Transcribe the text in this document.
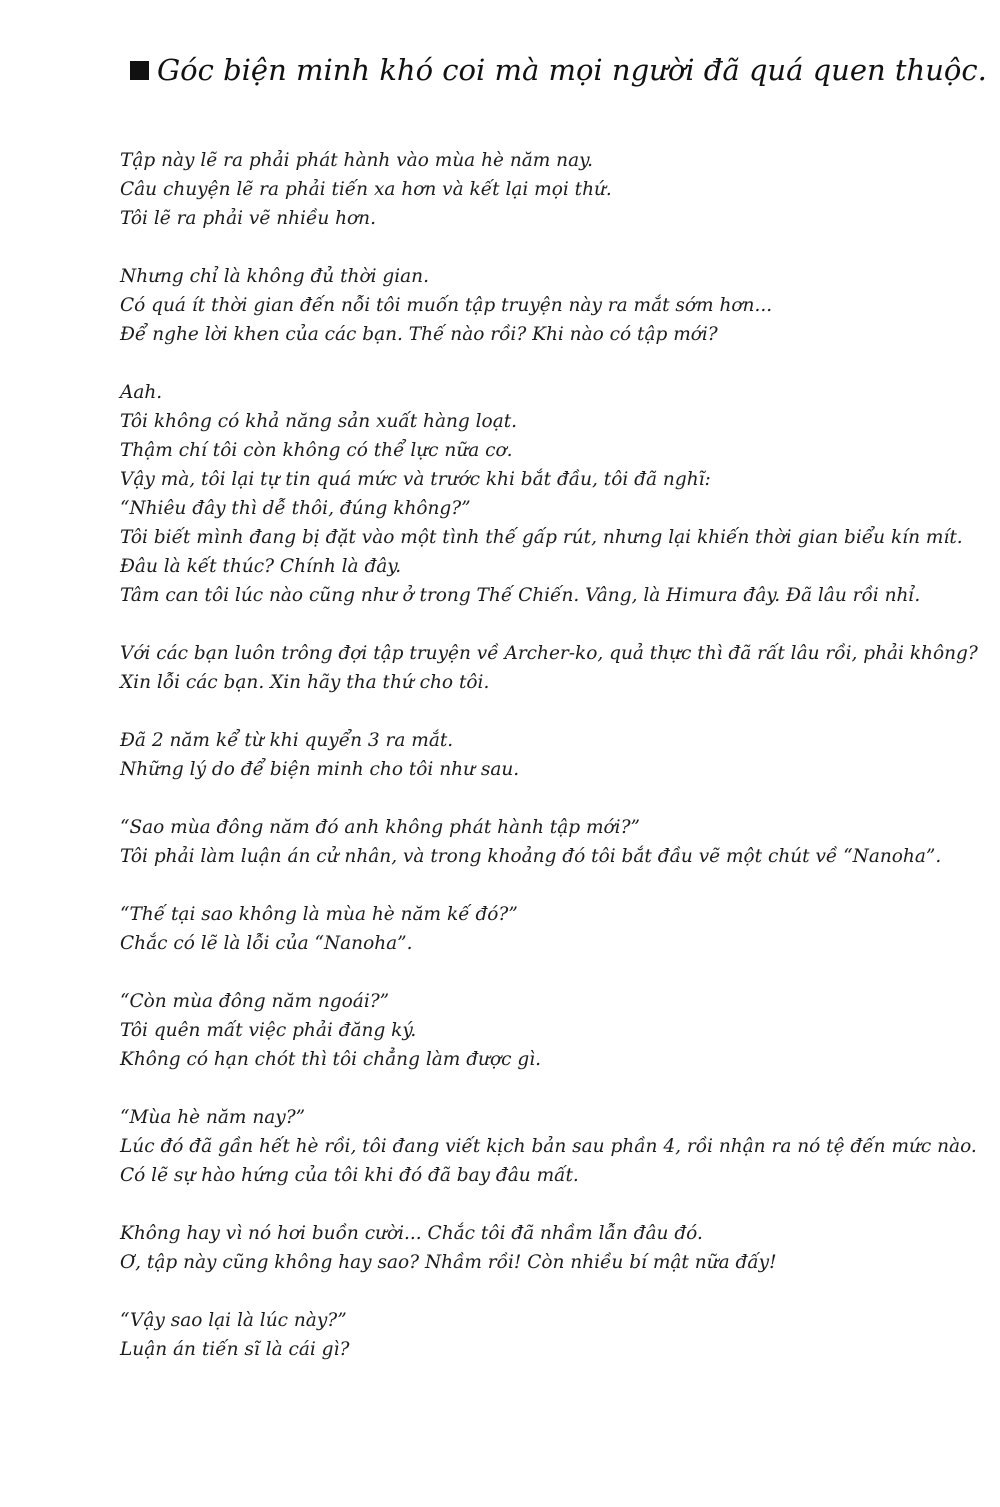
Góc biện minh khó coi mà mọi người đã quá quen thuộc.
Tập này lẽ ra phải phát hành vào mùa hè năm nay.
Câu chuyện lẽ ra phải tiến xa hơn và kết lại mọi thứ.
Tôi lẽ ra phải vẽ nhiều hơn.
Nhưng chỉ là không đủ thời gian.
Có quá ít thời gian đến nỗi tôi muốn tập truyện này ra mắt sớm hơn...
Để nghe lời khen của các bạn. Thế nào rồi? Khi nào có tập mới?
Aah.
Tôi không có khả năng sản xuất hàng loạt.
Thậm chí tôi còn không có thể lực nữa cơ.
Vậy mà, tôi lại tự tin quá mức và trước khi bắt đầu, tôi đã nghĩ:
“Nhiêu đây thì dễ thôi, đúng không?”
Tôi biết mình đang bị đặt vào một tình thế gấp rút, nhưng lại khiến thời gian biểu kín mít.
Đâu là kết thúc? Chính là đây.
Tâm can tôi lúc nào cũng như ở trong Thế Chiến. Vâng, là Himura đây. Đã lâu rồi nhỉ.
Với các bạn luôn trông đợi tập truyện về Archer-ko, quả thực thì đã rất lâu rồi, phải không?
Xin lỗi các bạn. Xin hãy tha thứ cho tôi.
Đã 2 năm kể từ khi quyển 3 ra mắt.
Những lý do để biện minh cho tôi như sau.
“Sao mùa đông năm đó anh không phát hành tập mới?”
Tôi phải làm luận án cử nhân, và trong khoảng đó tôi bắt đầu vẽ một chút về “Nanoha”.
“Thế tại sao không là mùa hè năm kế đó?”
Chắc có lẽ là lỗi của “Nanoha”.
“Còn mùa đông năm ngoái?”
Tôi quên mất việc phải đăng ký.
Không có hạn chót thì tôi chẳng làm được gì.
“Mùa hè năm nay?”
Lúc đó đã gần hết hè rồi, tôi đang viết kịch bản sau phần 4, rồi nhận ra nó tệ đến mức nào.
Có lẽ sự hào hứng của tôi khi đó đã bay đâu mất.
Không hay vì nó hơi buồn cười... Chắc tôi đã nhầm lẫn đâu đó.
Ơ, tập này cũng không hay sao? Nhầm rồi! Còn nhiều bí mật nữa đấy!
“Vậy sao lại là lúc này?”
Luận án tiến sĩ là cái gì?
